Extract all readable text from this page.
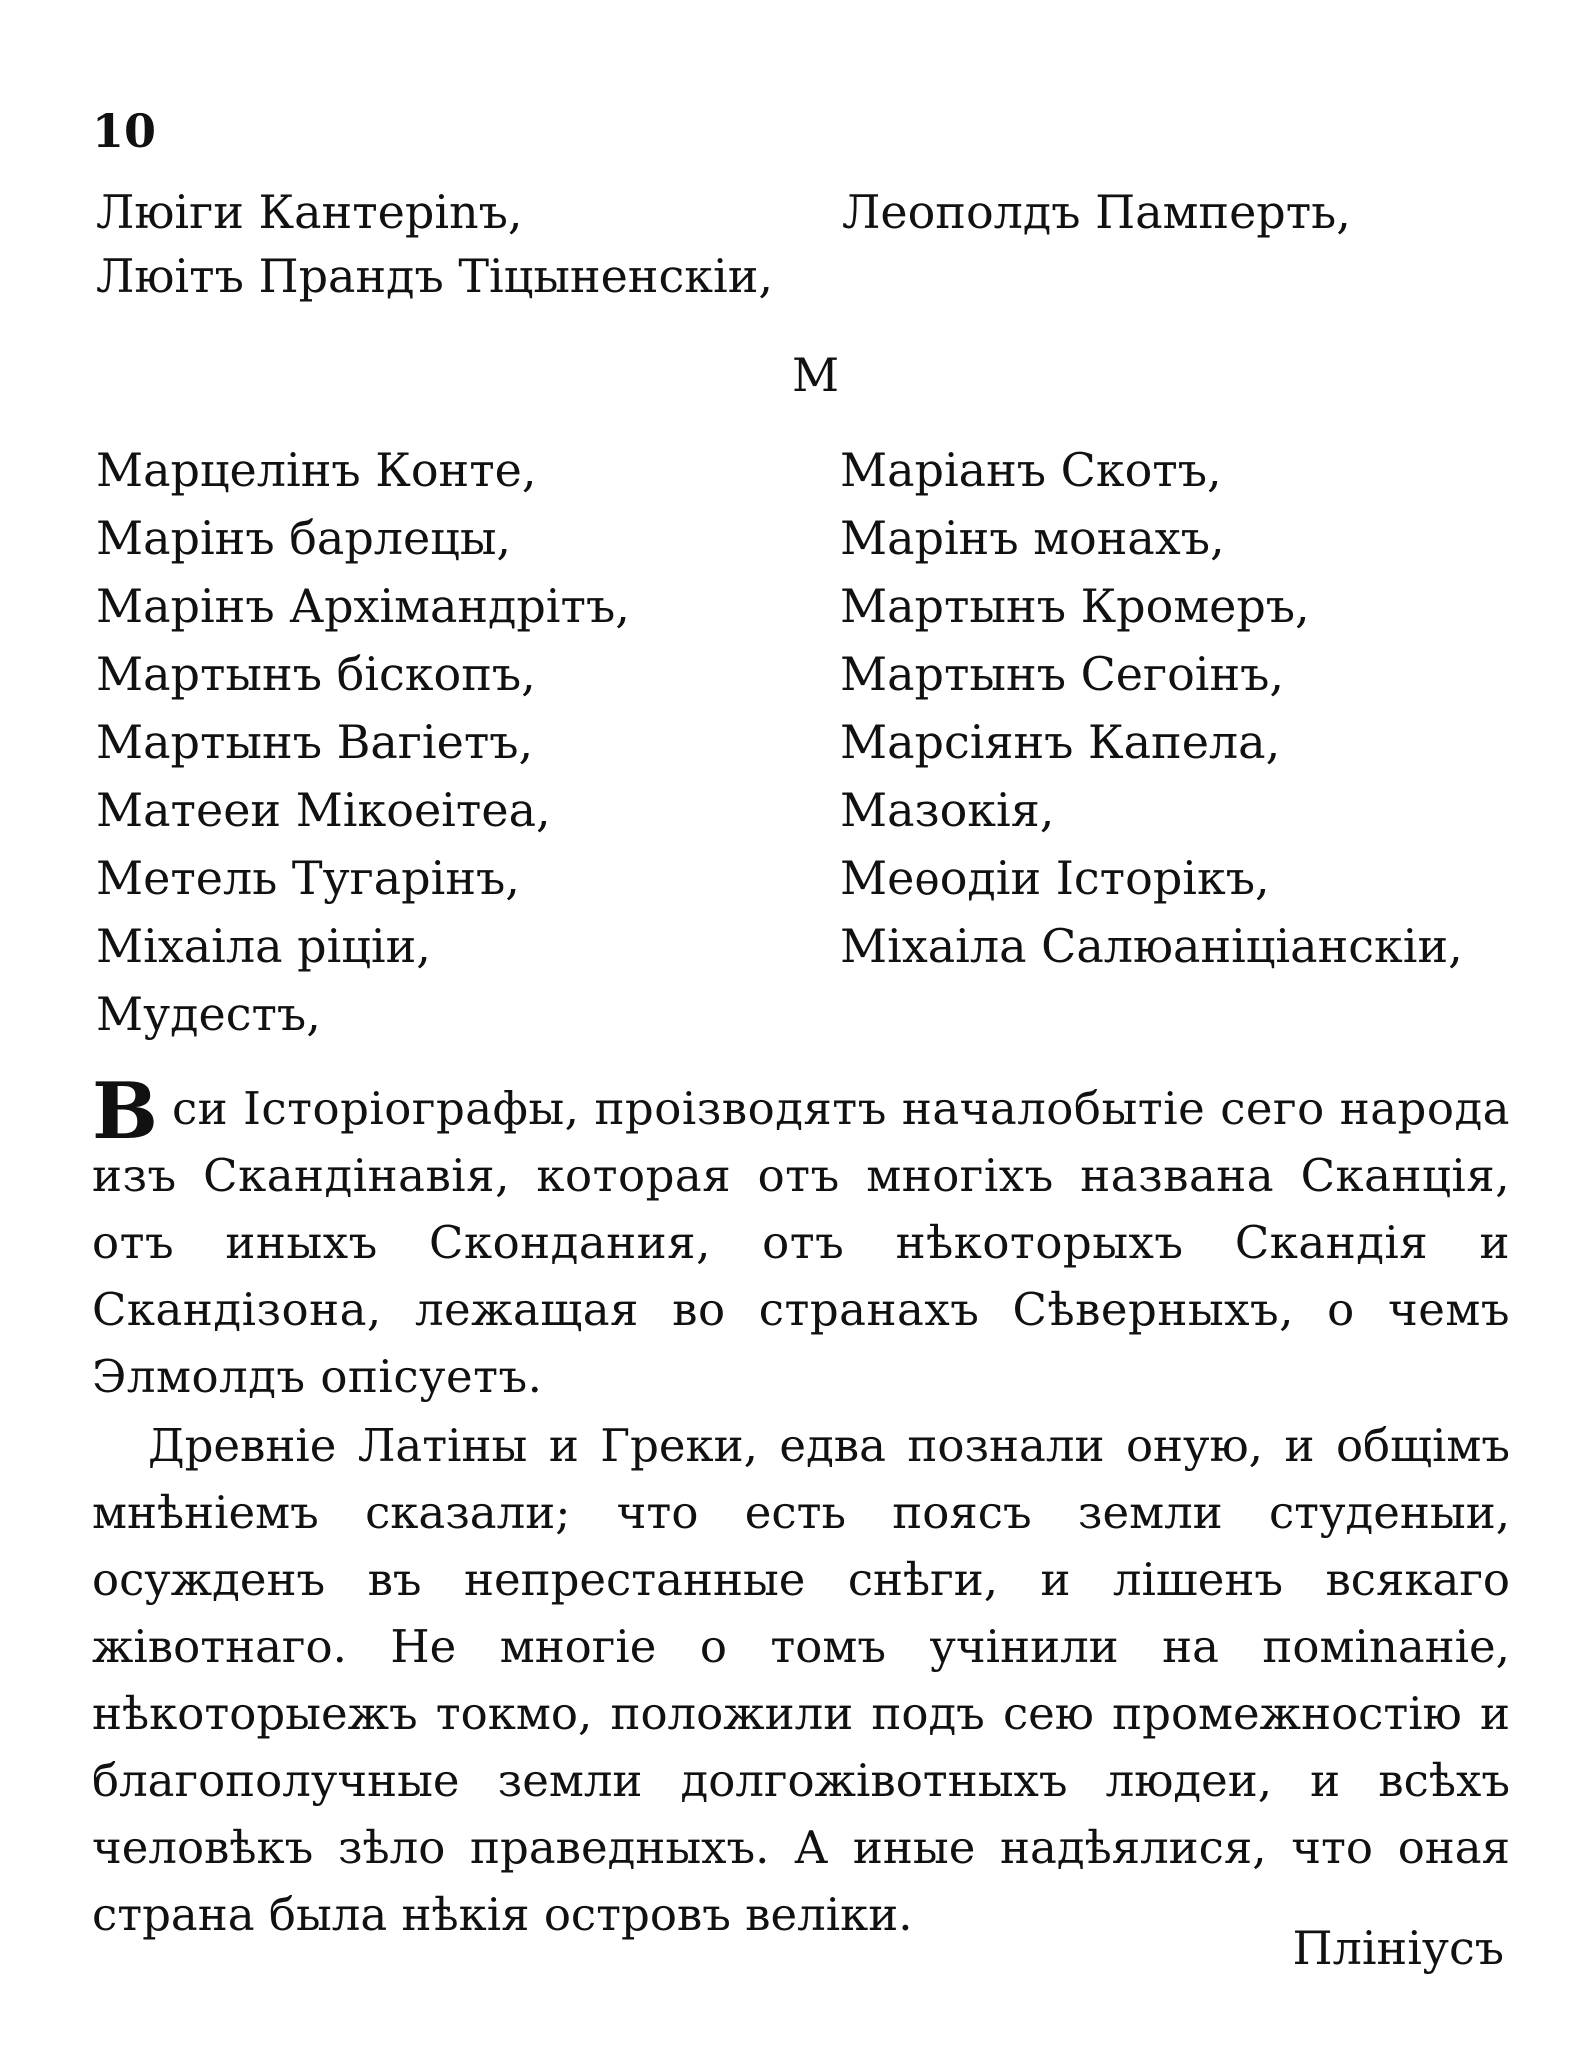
10
Люіги Кантеріnъ,
Люітъ Прандъ Тіцыненскіи,
Леополдъ Памперть,
М
Марцелінъ Конте,
Марінъ барлецы,
Марінъ Архімандрітъ,
Мартынъ біскопъ,
Мартынъ Вагіетъ,
Матееи Мікоеітеа,
Метель Тугарінъ,
Міхаіла ріціи,
Мудестъ,
Маріанъ Скотъ,
Марінъ монахъ,
Мартынъ Кромеръ,
Мартынъ Сегоінъ,
Марсіянъ Капела,
Мазокія,
Меѳодіи Історікъ,
Міхаіла Салюаніціанскіи,

Вси Історіографы, проізводятъ началобытіе сего народа изъ Скандінавія, которая отъ многіхъ названа Сканція, отъ иныхъ Скондания, отъ нѣкоторыхъ Скандія и Скандізона, лежащая во странахъ Сѣверныхъ, о чемъ Элмолдъ опісуетъ.

Древніе Латіны и Греки, едва познали оную, и общімъ мнѣніемъ сказали; что есть поясъ земли студеныи, осужденъ въ непрестанные снѣги, и лішенъ всякаго жівотнаго. Не многіе о томъ учінили на поміnаніе, нѣкоторыежъ токмо, положили подъ сею промежностію и благополучные земли долгожівотныхъ людеи, и всѣхъ человѣкъ зѣло праведныхъ. А иные надѣялися, что оная страна была нѣкія островъ веліки.

Плініусъ
